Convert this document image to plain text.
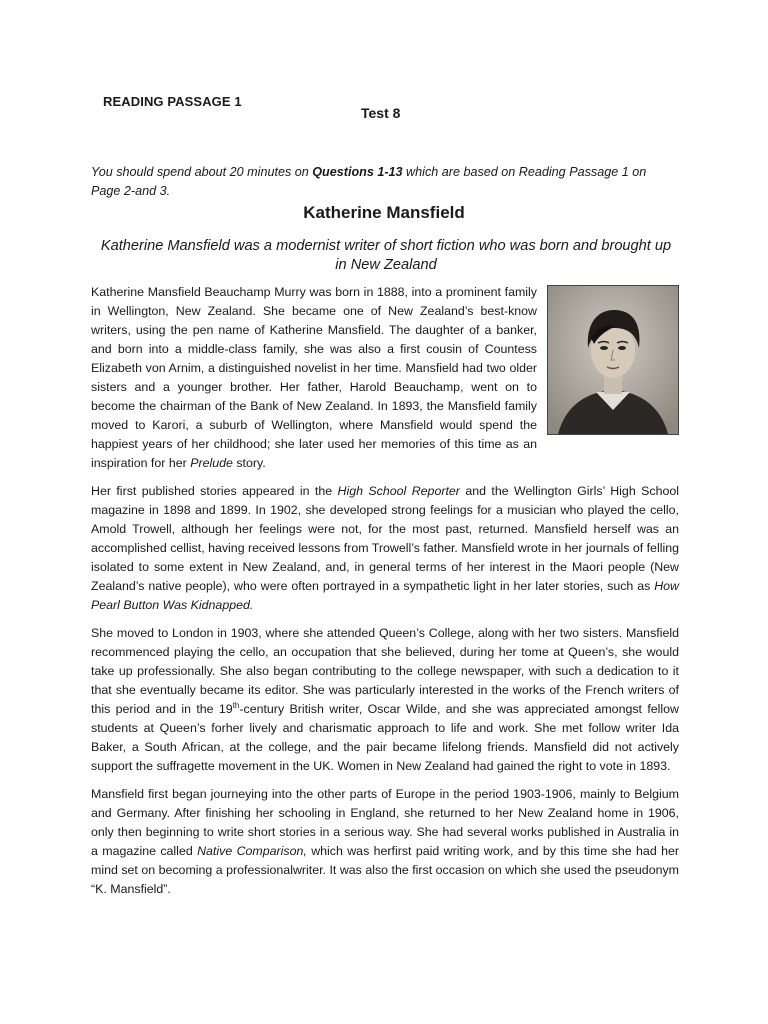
READING PASSAGE 1
Test 8
You should spend about 20 minutes on Questions 1-13 which are based on Reading Passage 1 on Page 2-and 3.
Katherine Mansfield
Katherine Mansfield was a modernist writer of short fiction who was born and brought up in New Zealand

Katherine Mansfield Beauchamp Murry was born in 1888, into a prominent family in Wellington, New Zealand. She became one of New Zealand’s best-know writers, using the pen name of Katherine Mansfield. The daughter of a banker, and born into a middle-class family, she was also a first cousin of Countess Elizabeth von Arnim, a distinguished novelist in her time. Mansfield had two older sisters and a younger brother. Her father, Harold Beauchamp, went on to become the chairman of the Bank of New Zealand. In 1893, the Mansfield family moved to Karori, a suburb of Wellington, where Mansfield would spend the happiest years of her childhood; she later used her memories of this time as an inspiration for her Prelude story.

Her first published stories appeared in the High School Reporter and the Wellington Girls’ High School magazine in 1898 and 1899. In 1902, she developed strong feelings for a musician who played the cello, Amold Trowell, although her feelings were not, for the most past, returned. Mansfield herself was an accomplished cellist, having received lessons from Trowell’s father. Mansfield wrote in her journals of felling isolated to some extent in New Zealand, and, in general terms of her interest in the Maori people (New Zealand’s native people), who were often portrayed in a sympathetic light in her later stories, such as How Pearl Button Was Kidnapped.

She moved to London in 1903, where she attended Queen’s College, along with her two sisters. Mansfield recommenced playing the cello, an occupation that she believed, during her tome at Queen’s, she would take up professionally. She also began contributing to the college newspaper, with such a dedication to it that she eventually became its editor. She was particularly interested in the works of the French writers of this period and in the 19th-century British writer, Oscar Wilde, and she was appreciated amongst fellow students at Queen’s forher lively and charismatic approach to life and work. She met follow writer Ida Baker, a South African, at the college, and the pair became lifelong friends. Mansfield did not actively support the suffragette movement in the UK. Women in New Zealand had gained the right to vote in 1893.

Mansfield first began journeying into the other parts of Europe in the period 1903-1906, mainly to Belgium and Germany. After finishing her schooling in England, she returned to her New Zealand home in 1906, only then beginning to write short stories in a serious way. She had several works published in Australia in a magazine called Native Comparison, which was herfirst paid writing work, and by this time she had her mind set on becoming a professionalwriter. It was also the first occasion on which she used the pseudonym “K. Mansfield”.
